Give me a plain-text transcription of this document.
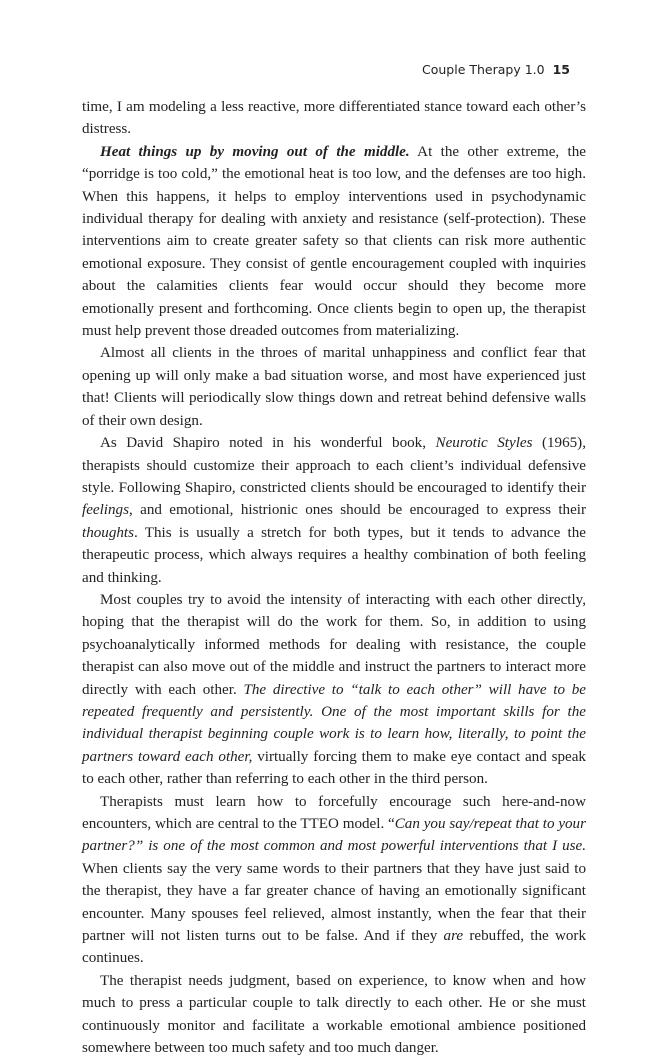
Couple Therapy 1.0 15

time, I am modeling a less reactive, more differentiated stance toward each other’s distress.

Heat things up by moving out of the middle. At the other extreme, the “porridge is too cold,” the emotional heat is too low, and the defenses are too high. When this happens, it helps to employ interventions used in psychodynamic individual therapy for dealing with anxiety and resistance (self-protection). These interventions aim to create greater safety so that clients can risk more authentic emotional exposure. They consist of gentle encouragement coupled with inquiries about the calamities clients fear would occur should they become more emotionally present and forthcoming. Once clients begin to open up, the therapist must help prevent those dreaded outcomes from materializing.

Almost all clients in the throes of marital unhappiness and conflict fear that opening up will only make a bad situation worse, and most have experienced just that! Clients will periodically slow things down and retreat behind defensive walls of their own design.

As David Shapiro noted in his wonderful book, Neurotic Styles (1965), therapists should customize their approach to each client’s individual defensive style. Following Shapiro, constricted clients should be encouraged to identify their feelings, and emotional, histrionic ones should be encouraged to express their thoughts. This is usually a stretch for both types, but it tends to advance the therapeutic process, which always requires a healthy combination of both feeling and thinking.

Most couples try to avoid the intensity of interacting with each other directly, hoping that the therapist will do the work for them. So, in addition to using psychoanalytically informed methods for dealing with resistance, the couple therapist can also move out of the middle and instruct the partners to interact more directly with each other. The directive to “talk to each other” will have to be repeated frequently and persistently. One of the most important skills for the individual therapist beginning couple work is to learn how, literally, to point the partners toward each other, virtually forcing them to make eye contact and speak to each other, rather than referring to each other in the third person.

Therapists must learn how to forcefully encourage such here-and-now encounters, which are central to the TTEO model. “Can you say/repeat that to your partner?” is one of the most common and most powerful interventions that I use. When clients say the very same words to their partners that they have just said to the therapist, they have a far greater chance of having an emotionally significant encounter. Many spouses feel relieved, almost instantly, when the fear that their partner will not listen turns out to be false. And if they are rebuffed, the work continues.

The therapist needs judgment, based on experience, to know when and how much to press a particular couple to talk directly to each other. He or she must continuously monitor and facilitate a workable emotional ambience positioned somewhere between too much safety and too much danger.
